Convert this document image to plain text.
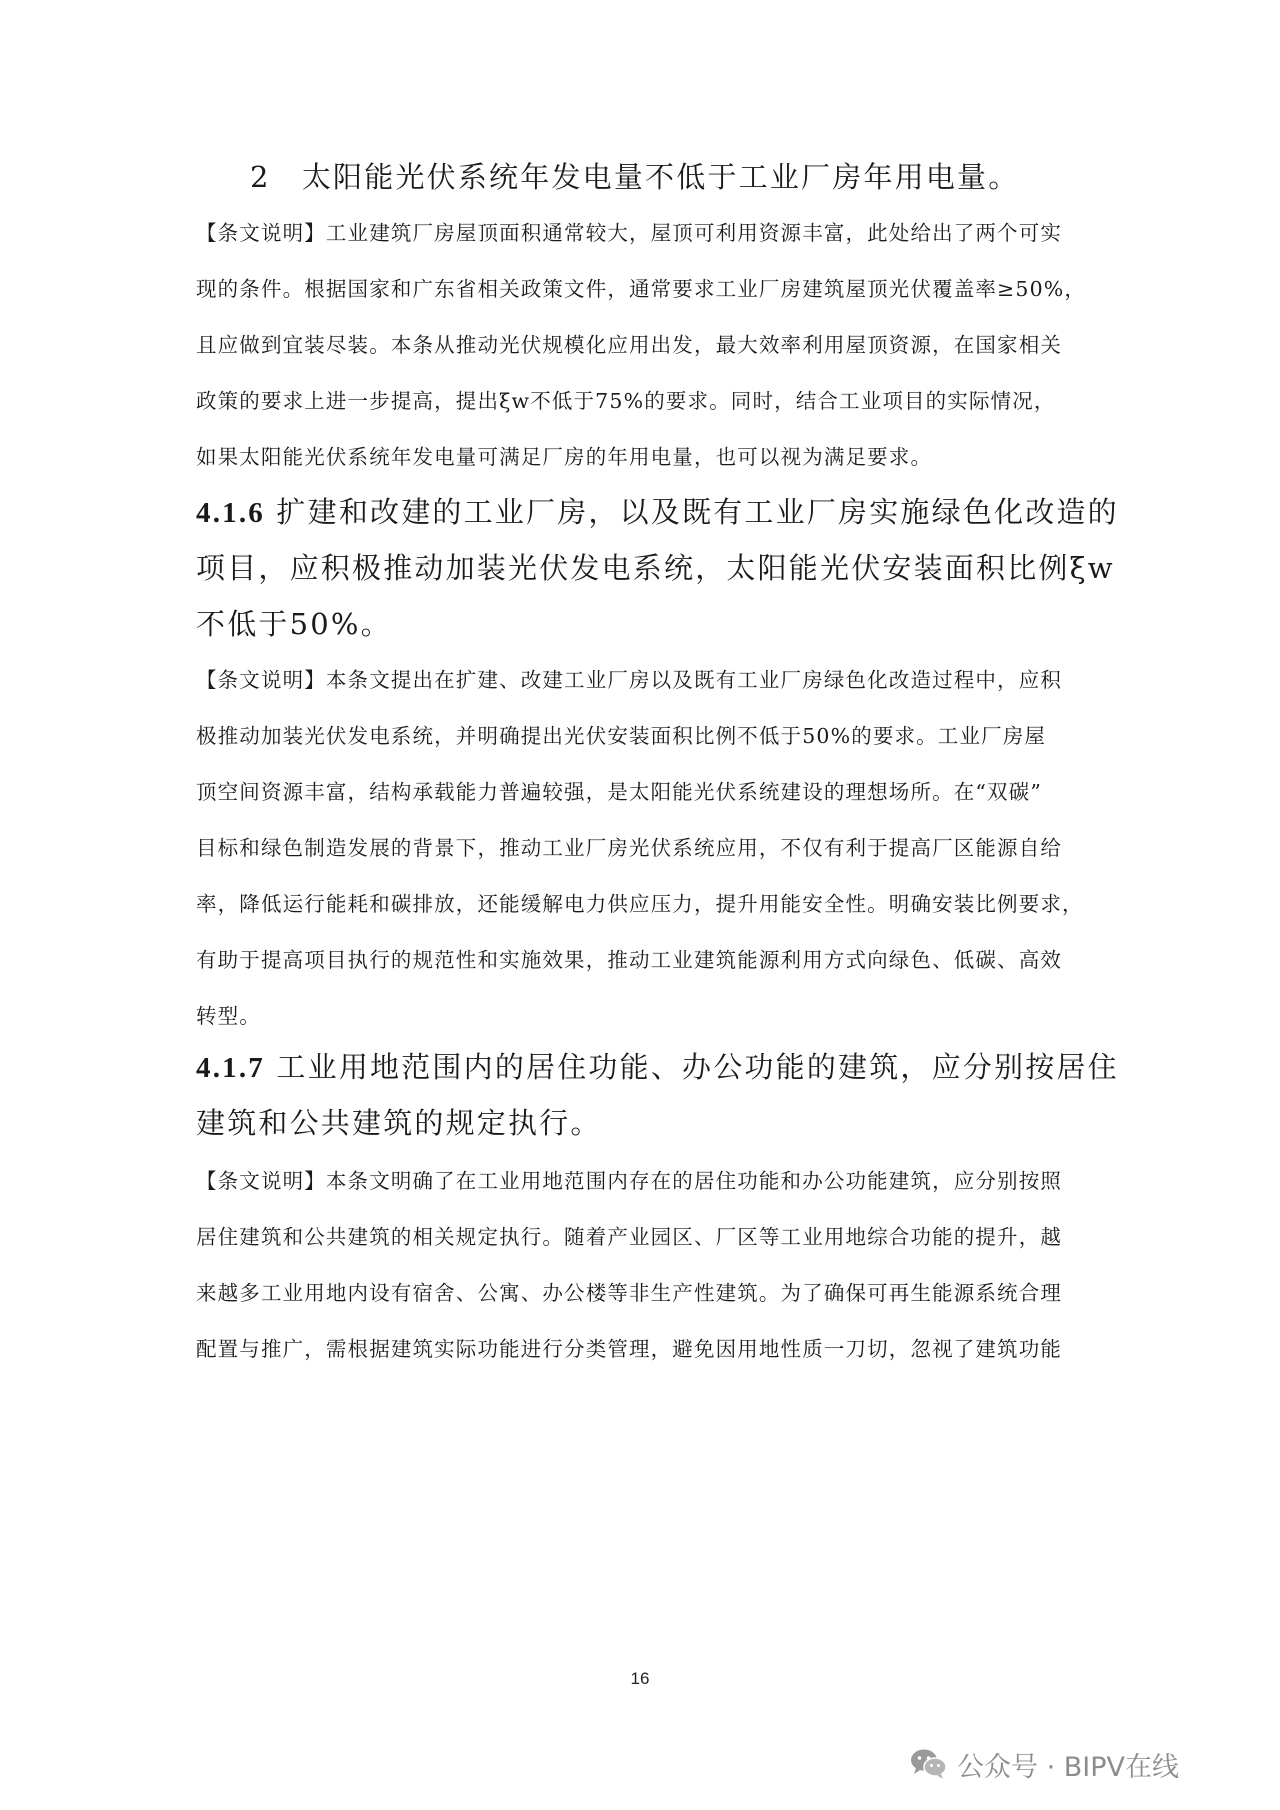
2　太阳能光伏系统年发电量不低于工业厂房年用电量。
【条文说明】工业建筑厂房屋顶面积通常较大，屋顶可利用资源丰富，此处给出了两个可实
现的条件。根据国家和广东省相关政策文件，通常要求工业厂房建筑屋顶光伏覆盖率≥50%，
且应做到宜装尽装。本条从推动光伏规模化应用出发，最大效率利用屋顶资源，在国家相关
政策的要求上进一步提高，提出ξw不低于75%的要求。同时，结合工业项目的实际情况，
如果太阳能光伏系统年发电量可满足厂房的年用电量，也可以视为满足要求。
4.1.6 扩建和改建的工业厂房，以及既有工业厂房实施绿色化改造的
项目，应积极推动加装光伏发电系统，太阳能光伏安装面积比例ξw
不低于50%。
【条文说明】本条文提出在扩建、改建工业厂房以及既有工业厂房绿色化改造过程中，应积
极推动加装光伏发电系统，并明确提出光伏安装面积比例不低于50%的要求。工业厂房屋
顶空间资源丰富，结构承载能力普遍较强，是太阳能光伏系统建设的理想场所。在“双碳”
目标和绿色制造发展的背景下，推动工业厂房光伏系统应用，不仅有利于提高厂区能源自给
率，降低运行能耗和碳排放，还能缓解电力供应压力，提升用能安全性。明确安装比例要求，
有助于提高项目执行的规范性和实施效果，推动工业建筑能源利用方式向绿色、低碳、高效
转型。
4.1.7 工业用地范围内的居住功能、办公功能的建筑，应分别按居住
建筑和公共建筑的规定执行。
【条文说明】本条文明确了在工业用地范围内存在的居住功能和办公功能建筑，应分别按照
居住建筑和公共建筑的相关规定执行。随着产业园区、厂区等工业用地综合功能的提升，越
来越多工业用地内设有宿舍、公寓、办公楼等非生产性建筑。为了确保可再生能源系统合理
配置与推广，需根据建筑实际功能进行分类管理，避免因用地性质一刀切，忽视了建筑功能
16
公众号 · BIPV在线
